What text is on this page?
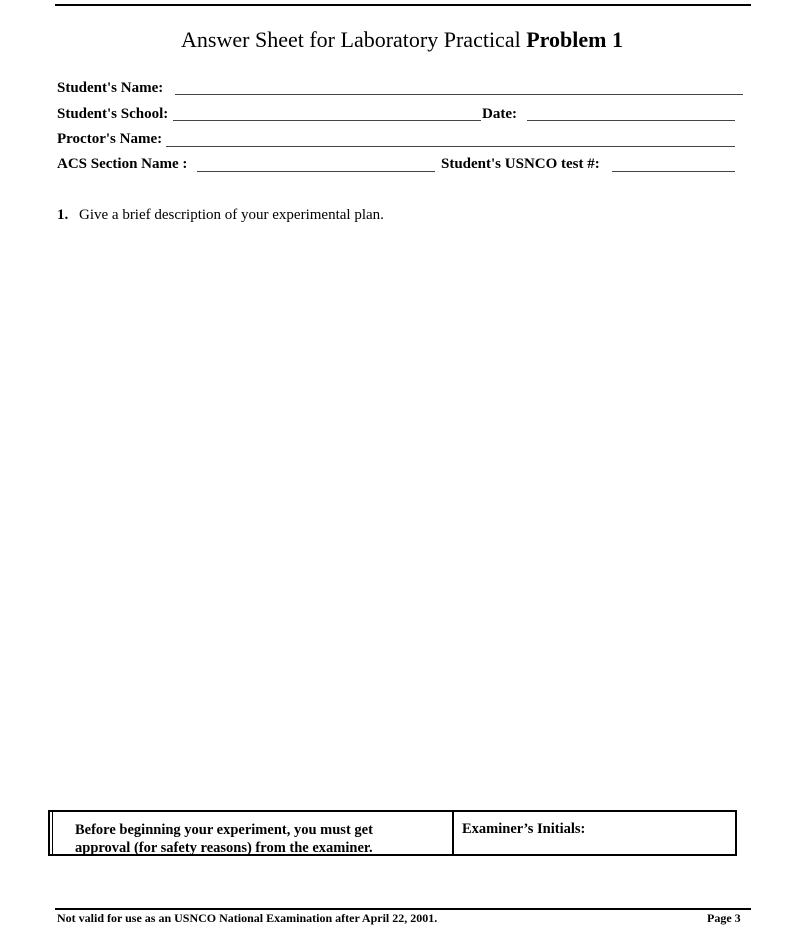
Answer Sheet for Laboratory Practical Problem 1
Student's Name:
Student's School:	Date:
Proctor's Name:
ACS Section Name :	Student's USNCO test #:
1. Give a brief description of your experimental plan.
Before beginning your experiment, you must get
approval (for safety reasons) from the examiner.
Examiner’s Initials:
Not valid for use as an USNCO National Examination after April 22, 2001.	Page 3
